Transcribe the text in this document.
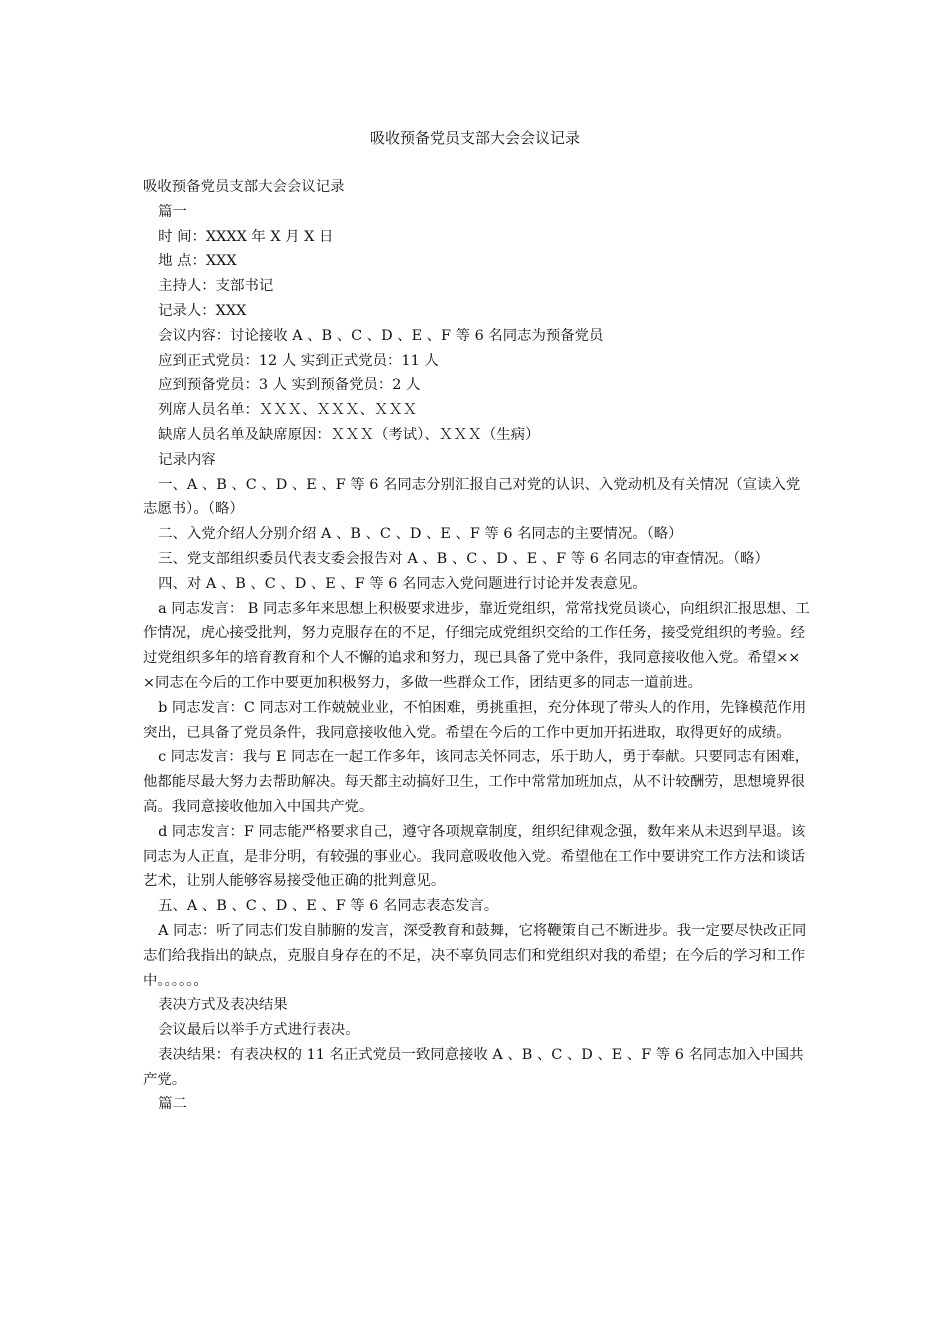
吸收预备党员支部大会会议记录

吸收预备党员支部大会会议记录

篇一

时 间：XXXX 年 X 月 X 日

地 点：XXX

主持人：支部书记

记录人：XXX

会议内容：讨论接收 A 、B 、C 、D 、E 、F 等 6 名同志为预备党员

应到正式党员：12 人 实到正式党员：11 人

应到预备党员：3 人 实到预备党员：2 人

列席人员名单：ＸＸＸ、ＸＸＸ、ＸＸＸ

缺席人员名单及缺席原因：ＸＸＸ（考试）、ＸＸＸ（生病）

记录内容

一、A 、B 、C 、D 、E 、F 等 6 名同志分别汇报自己对党的认识、入党动机及有关情况（宣读入党志愿书）。（略）

二、入党介绍人分别介绍 A 、B 、C 、D 、E 、F 等 6 名同志的主要情况。（略）

三、党支部组织委员代表支委会报告对 A 、B 、C 、D 、E 、F 等 6 名同志的审查情况。（略）

四、对 A 、B 、C 、D 、E 、F 等 6 名同志入党问题进行讨论并发表意见。

a 同志发言： B 同志多年来思想上积极要求进步，靠近党组织，常常找党员谈心，向组织汇报思想、工作情况，虎心接受批判，努力克服存在的不足，仔细完成党组织交给的工作任务，接受党组织的考验。经过党组织多年的培育教育和个人不懈的追求和努力，现已具备了党中条件，我同意接收他入党。希望×××同志在今后的工作中要更加积极努力，多做一些群众工作，团结更多的同志一道前进。

b 同志发言：C 同志对工作兢兢业业，不怕困难，勇挑重担，充分体现了带头人的作用，先锋模范作用突出，已具备了党员条件，我同意接收他入党。希望在今后的工作中更加开拓进取，取得更好的成绩。

c 同志发言：我与 E 同志在一起工作多年，该同志关怀同志，乐于助人，勇于奉献。只要同志有困难，他都能尽最大努力去帮助解决。每天都主动搞好卫生，工作中常常加班加点，从不计较酬劳，思想境界很高。我同意接收他加入中国共产党。

d 同志发言：F 同志能严格要求自己，遵守各项规章制度，组织纪律观念强，数年来从未迟到早退。该同志为人正直，是非分明，有较强的事业心。我同意吸收他入党。希望他在工作中要讲究工作方法和谈话艺术，让别人能够容易接受他正确的批判意见。

五、A 、B 、C 、D 、E 、F 等 6 名同志表态发言。

A 同志：听了同志们发自肺腑的发言，深受教育和鼓舞，它将鞭策自己不断进步。我一定要尽快改正同志们给我指出的缺点，克服自身存在的不足，决不辜负同志们和党组织对我的希望；在今后的学习和工作中。。。。。。

表决方式及表决结果

会议最后以举手方式进行表决。

表决结果：有表决权的 11 名正式党员一致同意接收 A 、B 、C 、D 、E 、F 等 6 名同志加入中国共产党。

篇二
